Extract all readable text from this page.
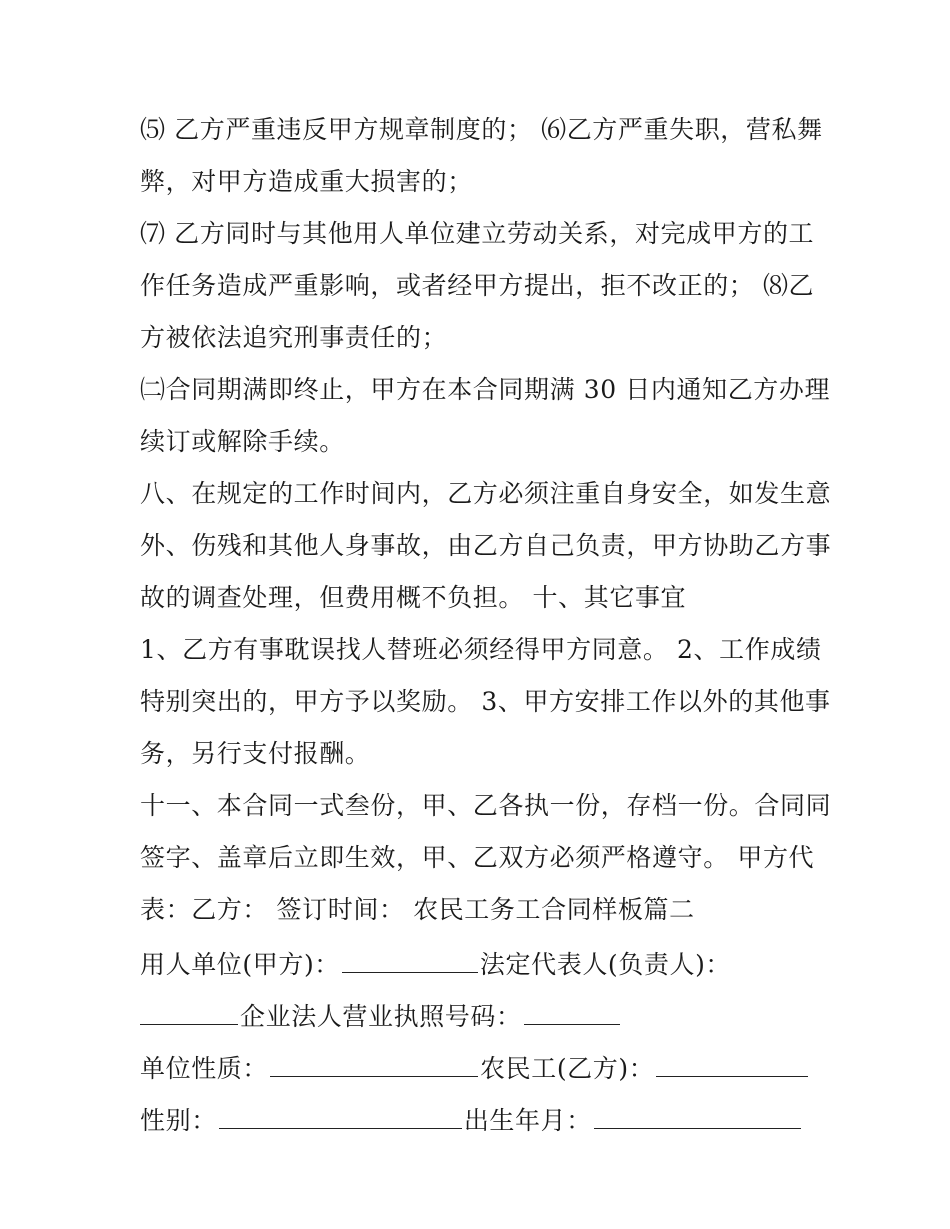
⑸ 乙方严重违反甲方规章制度的； ⑹乙方严重失职，营私舞
弊，对甲方造成重大损害的；
⑺ 乙方同时与其他用人单位建立劳动关系，对完成甲方的工
作任务造成严重影响，或者经甲方提出，拒不改正的； ⑻乙
方被依法追究刑事责任的；
㈡合同期满即终止，甲方在本合同期满 30 日内通知乙方办理
续订或解除手续。
八、在规定的工作时间内，乙方必须注重自身安全，如发生意
外、伤残和其他人身事故，由乙方自己负责，甲方协助乙方事
故的调查处理，但费用概不负担。 十、其它事宜
1、乙方有事耽误找人替班必须经得甲方同意。 2、工作成绩
特别突出的，甲方予以奖励。 3、甲方安排工作以外的其他事
务，另行支付报酬。
十一、本合同一式叁份，甲、乙各执一份，存档一份。合同同
签字、盖章后立即生效，甲、乙双方必须严格遵守。 甲方代
表：乙方： 签订时间： 农民工务工合同样板篇二
用人单位(甲方)：	法定代表人(负责人)：
企业法人营业执照号码：
单位性质：	农民工(乙方)：
性别：	出生年月：
